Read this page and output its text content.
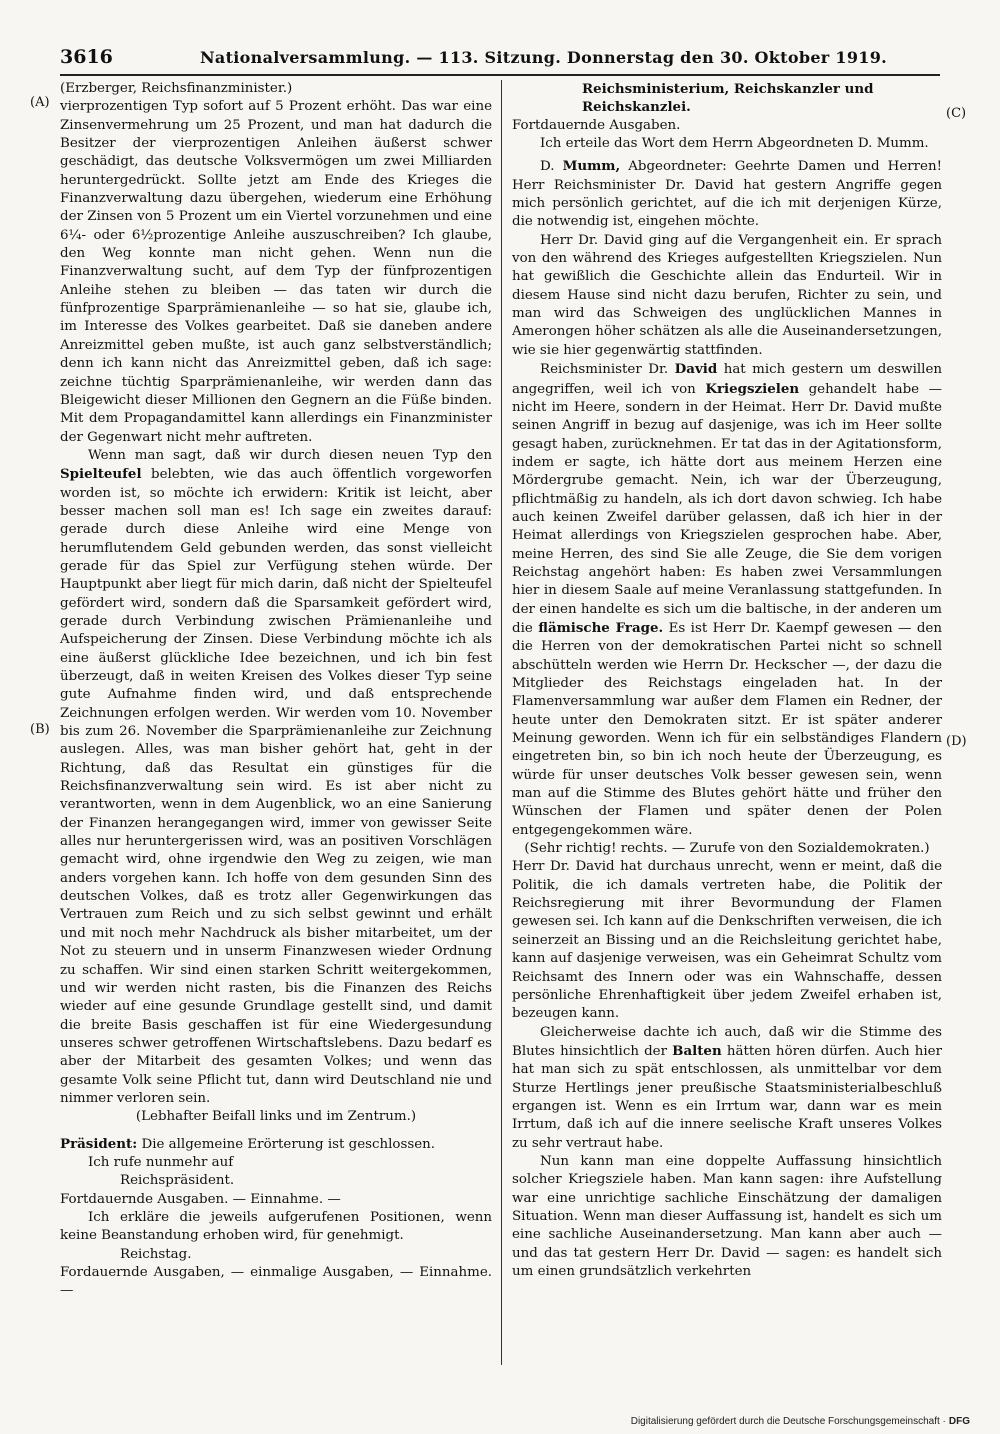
3616	Nationalversammlung. — 113. Sitzung. Donnerstag den 30. Oktober 1919.
(A)
(B)
(C)
(D)

(Erzberger, Reichsfinanzminister.)

vierprozentigen Typ sofort auf 5 Prozent erhöht. Das war eine Zinsenvermehrung um 25 Prozent, und man hat dadurch die Besitzer der vierprozentigen Anleihen äußerst schwer geschädigt, das deutsche Volksvermögen um zwei Milliarden heruntergedrückt. Sollte jetzt am Ende des Krieges die Finanzverwaltung dazu übergehen, wiederum eine Erhöhung der Zinsen von 5 Prozent um ein Viertel vorzunehmen und eine 6¼- oder 6½prozentige Anleihe auszuschreiben? Ich glaube, den Weg konnte man nicht gehen. Wenn nun die Finanzverwaltung sucht, auf dem Typ der fünfprozentigen Anleihe stehen zu bleiben — das taten wir durch die fünfprozentige Sparprämienanleihe — so hat sie, glaube ich, im Interesse des Volkes gearbeitet. Daß sie daneben andere Anreizmittel geben mußte, ist auch ganz selbstverständlich; denn ich kann nicht das Anreizmittel geben, daß ich sage: zeichne tüchtig Sparprämienanleihe, wir werden dann das Bleigewicht dieser Millionen den Gegnern an die Füße binden. Mit dem Propagandamittel kann allerdings ein Finanzminister der Gegenwart nicht mehr auftreten.

Wenn man sagt, daß wir durch diesen neuen Typ den Spielteufel belebten, wie das auch öffentlich vorgeworfen worden ist, so möchte ich erwidern: Kritik ist leicht, aber besser machen soll man es! Ich sage ein zweites darauf: gerade durch diese Anleihe wird eine Menge von herumflutendem Geld gebunden werden, das sonst vielleicht gerade für das Spiel zur Verfügung stehen würde. Der Hauptpunkt aber liegt für mich darin, daß nicht der Spielteufel gefördert wird, sondern daß die Sparsamkeit gefördert wird, gerade durch Verbindung zwischen Prämienanleihe und Aufspeicherung der Zinsen. Diese Verbindung möchte ich als eine äußerst glückliche Idee bezeichnen, und ich bin fest überzeugt, daß in weiten Kreisen des Volkes dieser Typ seine gute Aufnahme finden wird, und daß entsprechende Zeichnungen erfolgen werden. Wir werden vom 10. November bis zum 26. November die Sparprämienanleihe zur Zeichnung auslegen. Alles, was man bisher gehört hat, geht in der Richtung, daß das Resultat ein günstiges für die Reichsfinanzverwaltung sein wird. Es ist aber nicht zu verantworten, wenn in dem Augenblick, wo an eine Sanierung der Finanzen herangegangen wird, immer von gewisser Seite alles nur heruntergerissen wird, was an positiven Vorschlägen gemacht wird, ohne irgendwie den Weg zu zeigen, wie man anders vorgehen kann. Ich hoffe von dem gesunden Sinn des deutschen Volkes, daß es trotz aller Gegenwirkungen das Vertrauen zum Reich und zu sich selbst gewinnt und erhält und mit noch mehr Nachdruck als bisher mitarbeitet, um der Not zu steuern und in unserm Finanzwesen wieder Ordnung zu schaffen. Wir sind einen starken Schritt weitergekommen, und wir werden nicht rasten, bis die Finanzen des Reichs wieder auf eine gesunde Grundlage gestellt sind, und damit die breite Basis geschaffen ist für eine Wiedergesundung unseres schwer getroffenen Wirtschaftslebens. Dazu bedarf es aber der Mitarbeit des gesamten Volkes; und wenn das gesamte Volk seine Pflicht tut, dann wird Deutschland nie und nimmer verloren sein.

(Lebhafter Beifall links und im Zentrum.)

Präsident: Die allgemeine Erörterung ist geschlossen.

Ich rufe nunmehr auf

Reichspräsident.

Fortdauernde Ausgaben. — Einnahme. —

Ich erkläre die jeweils aufgerufenen Positionen, wenn keine Beanstandung erhoben wird, für genehmigt.

Reichstag.

Fordauernde Ausgaben, — einmalige Ausgaben, — Einnahme. —

Reichsministerium, Reichskanzler und Reichskanzlei.

Fortdauernde Ausgaben.

Ich erteile das Wort dem Herrn Abgeordneten D. Mumm.

D. Mumm, Abgeordneter: Geehrte Damen und Herren! Herr Reichsminister Dr. David hat gestern Angriffe gegen mich persönlich gerichtet, auf die ich mit derjenigen Kürze, die notwendig ist, eingehen möchte.

Herr Dr. David ging auf die Vergangenheit ein. Er sprach von den während des Krieges aufgestellten Kriegszielen. Nun hat gewißlich die Geschichte allein das Endurteil. Wir in diesem Hause sind nicht dazu berufen, Richter zu sein, und man wird das Schweigen des unglücklichen Mannes in Amerongen höher schätzen als alle die Auseinandersetzungen, wie sie hier gegenwärtig stattfinden.

Reichsminister Dr. David hat mich gestern um deswillen angegriffen, weil ich von Kriegszielen gehandelt habe — nicht im Heere, sondern in der Heimat. Herr Dr. David mußte seinen Angriff in bezug auf dasjenige, was ich im Heer sollte gesagt haben, zurücknehmen. Er tat das in der Agitationsform, indem er sagte, ich hätte dort aus meinem Herzen eine Mördergrube gemacht. Nein, ich war der Überzeugung, pflichtmäßig zu handeln, als ich dort davon schwieg. Ich habe auch keinen Zweifel darüber gelassen, daß ich hier in der Heimat allerdings von Kriegszielen gesprochen habe. Aber, meine Herren, des sind Sie alle Zeuge, die Sie dem vorigen Reichstag angehört haben: Es haben zwei Versammlungen hier in diesem Saale auf meine Veranlassung stattgefunden. In der einen handelte es sich um die baltische, in der anderen um die flämische Frage. Es ist Herr Dr. Kaempf gewesen — den die Herren von der demokratischen Partei nicht so schnell abschütteln werden wie Herrn Dr. Heckscher —, der dazu die Mitglieder des Reichstags eingeladen hat. In der Flamenversammlung war außer dem Flamen ein Redner, der heute unter den Demokraten sitzt. Er ist später anderer Meinung geworden. Wenn ich für ein selbständiges Flandern eingetreten bin, so bin ich noch heute der Überzeugung, es würde für unser deutsches Volk besser gewesen sein, wenn man auf die Stimme des Blutes gehört hätte und früher den Wünschen der Flamen und später denen der Polen entgegengekommen wäre.

(Sehr richtig! rechts. — Zurufe von den Sozialdemokraten.)

Herr Dr. David hat durchaus unrecht, wenn er meint, daß die Politik, die ich damals vertreten habe, die Politik der Reichsregierung mit ihrer Bevormundung der Flamen gewesen sei. Ich kann auf die Denkschriften verweisen, die ich seinerzeit an Bissing und an die Reichsleitung gerichtet habe, kann auf dasjenige verweisen, was ein Geheimrat Schultz vom Reichsamt des Innern oder was ein Wahnschaffe, dessen persönliche Ehrenhaftigkeit über jedem Zweifel erhaben ist, bezeugen kann.

Gleicherweise dachte ich auch, daß wir die Stimme des Blutes hinsichtlich der Balten hätten hören dürfen. Auch hier hat man sich zu spät entschlossen, als unmittelbar vor dem Sturze Hertlings jener preußische Staatsministerialbeschluß ergangen ist. Wenn es ein Irrtum war, dann war es mein Irrtum, daß ich auf die innere seelische Kraft unseres Volkes zu sehr vertraut habe.

Nun kann man eine doppelte Auffassung hinsichtlich solcher Kriegsziele haben. Man kann sagen: ihre Aufstellung war eine unrichtige sachliche Einschätzung der damaligen Situation. Wenn man dieser Auffassung ist, handelt es sich um eine sachliche Auseinandersetzung. Man kann aber auch — und das tat gestern Herr Dr. David — sagen: es handelt sich um einen grundsätzlich verkehrten

Digitalisierung gefördert durch die Deutsche Forschungsgemeinschaft · DFG
